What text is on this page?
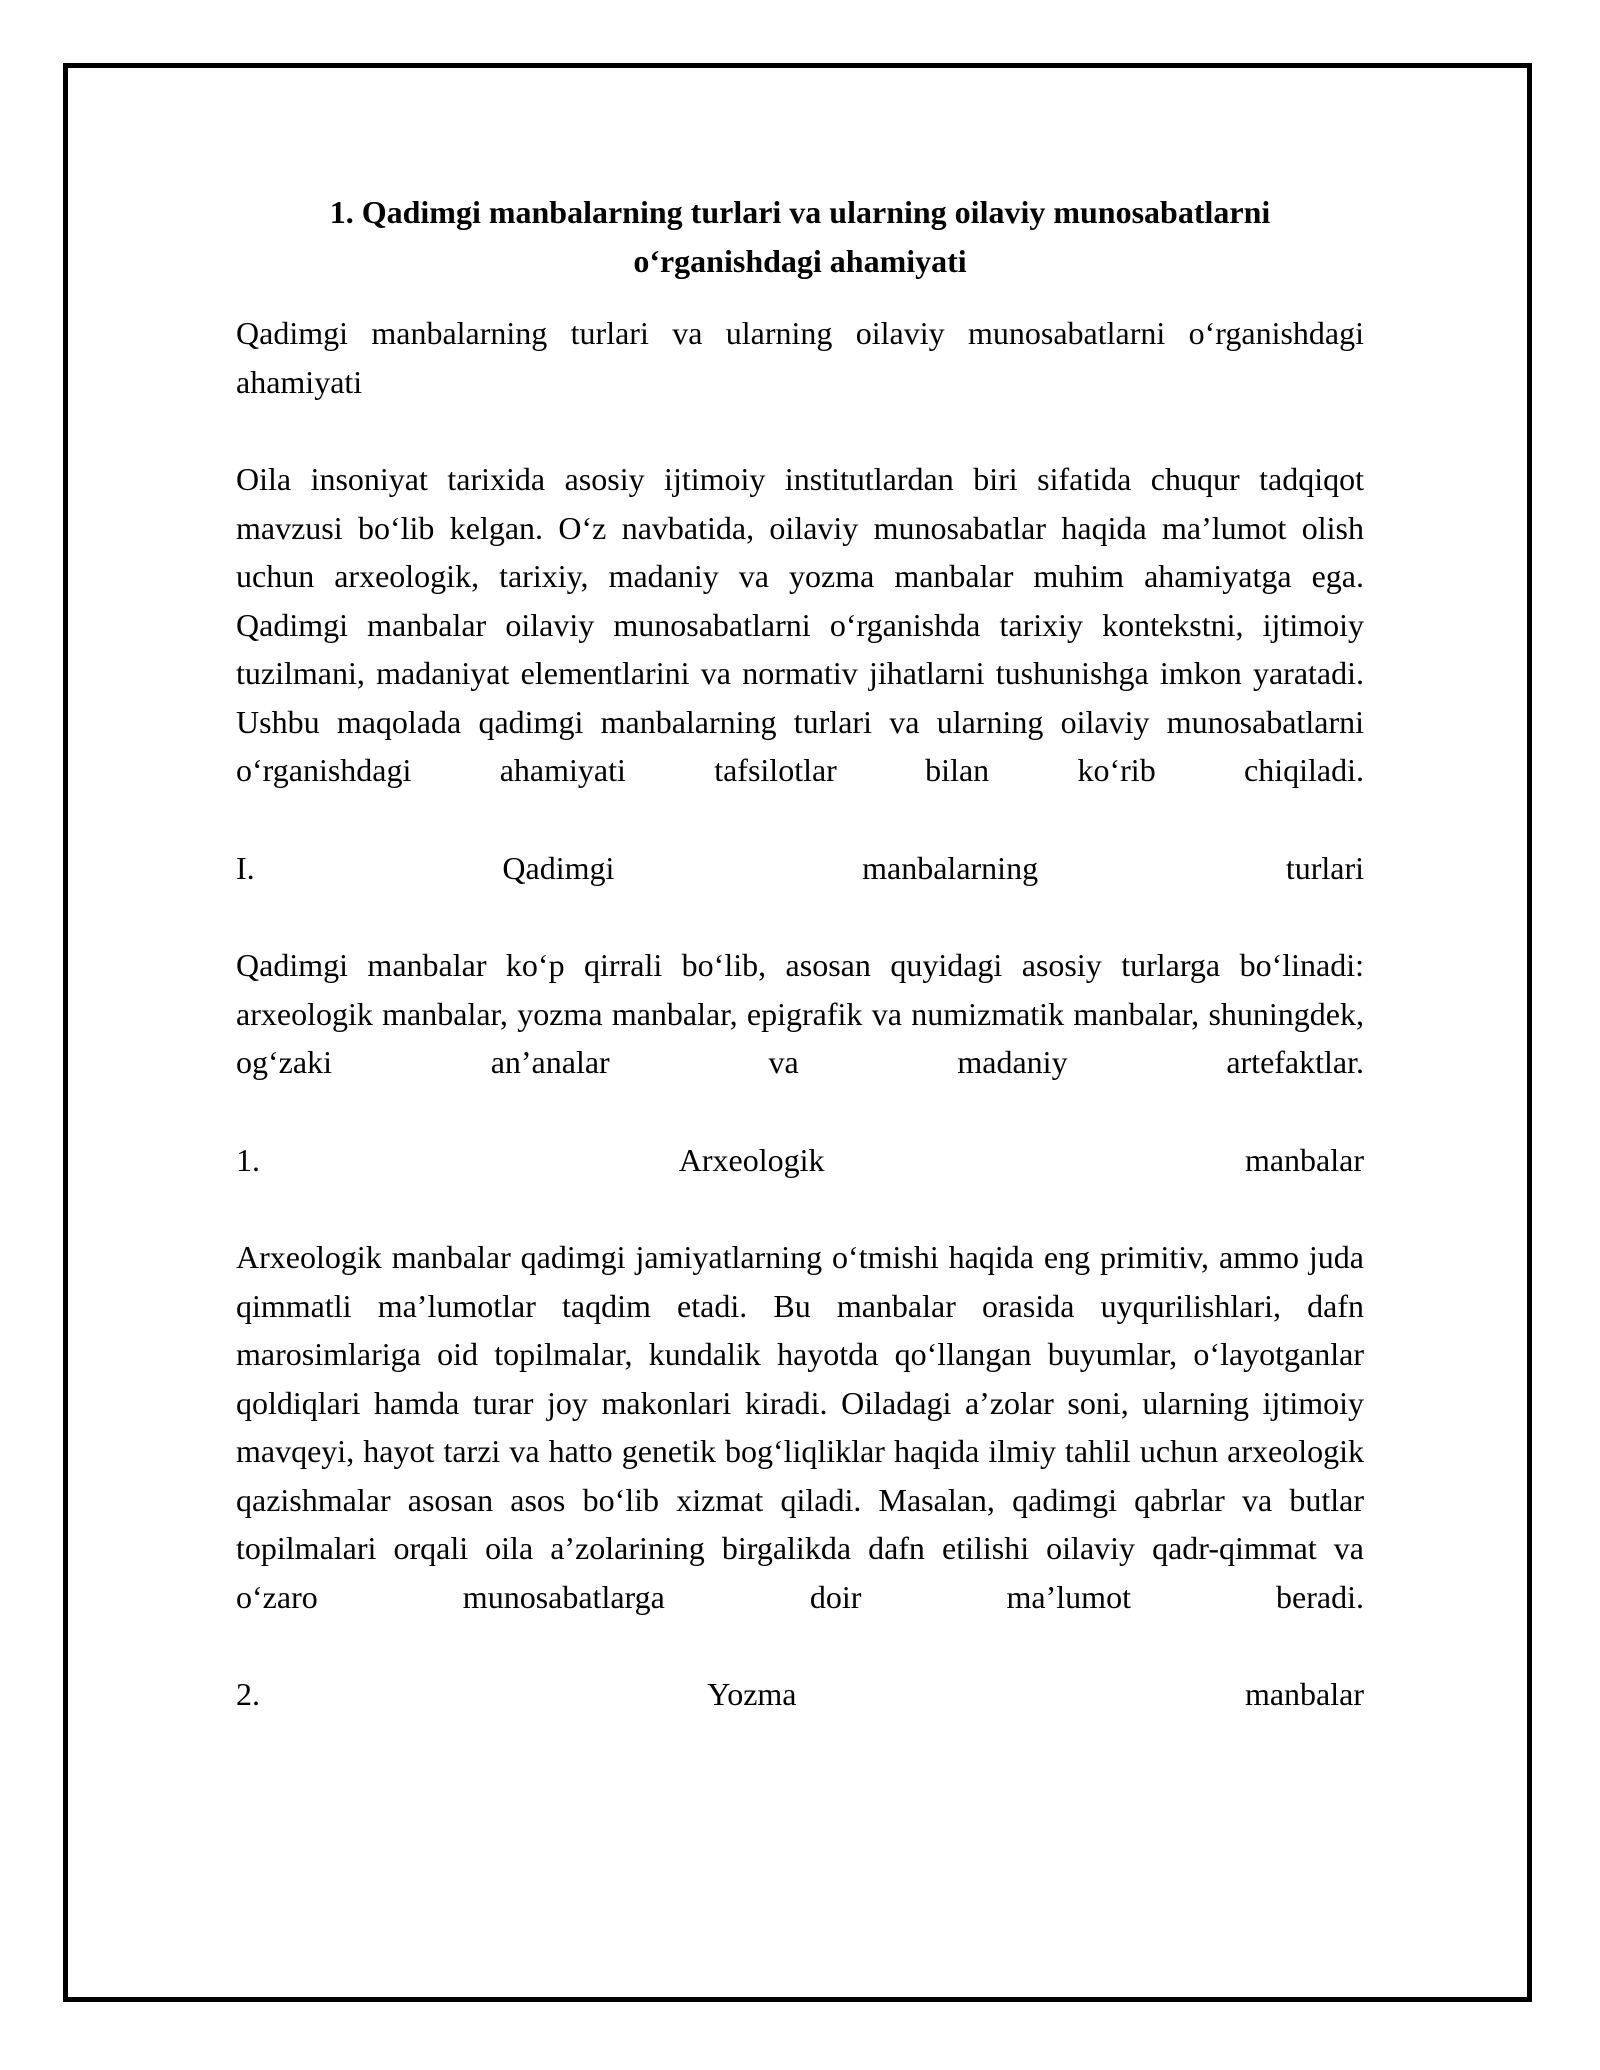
1. Qadimgi manbalarning turlari va ularning oilaviy munosabatlarni
o‘rganishdagi ahamiyati

Qadimgi manbalarning turlari va ularning oilaviy munosabatlarni o‘rganishdagi ahamiyati

Oila insoniyat tarixida asosiy ijtimoiy institutlardan biri sifatida chuqur tadqiqot mavzusi bo‘lib kelgan. O‘z navbatida, oilaviy munosabatlar haqida ma’lumot olish uchun arxeologik, tarixiy, madaniy va yozma manbalar muhim ahamiyatga ega. Qadimgi manbalar oilaviy munosabatlarni o‘rganishda tarixiy kontekstni, ijtimoiy tuzilmani, madaniyat elementlarini va normativ jihatlarni tushunishga imkon yaratadi. Ushbu maqolada qadimgi manbalarning turlari va ularning oilaviy munosabatlarni o‘rganishdagi ahamiyati tafsilotlar bilan ko‘rib chiqiladi.

I. Qadimgi manbalarning turlari

Qadimgi manbalar ko‘p qirrali bo‘lib, asosan quyidagi asosiy turlarga bo‘linadi: arxeologik manbalar, yozma manbalar, epigrafik va numizmatik manbalar, shuningdek, og‘zaki an’analar va madaniy artefaktlar.

1. Arxeologik manbalar

Arxeologik manbalar qadimgi jamiyatlarning o‘tmishi haqida eng primitiv, ammo juda qimmatli ma’lumotlar taqdim etadi. Bu manbalar orasida uyqurilishlari, dafn marosimlariga oid topilmalar, kundalik hayotda qo‘llangan buyumlar, o‘layotganlar qoldiqlari hamda turar joy makonlari kiradi. Oiladagi a’zolar soni, ularning ijtimoiy mavqeyi, hayot tarzi va hatto genetik bog‘liqliklar haqida ilmiy tahlil uchun arxeologik qazishmalar asosan asos bo‘lib xizmat qiladi. Masalan, qadimgi qabrlar va butlar topilmalari orqali oila a’zolarining birgalikda dafn etilishi oilaviy qadr-qimmat va o‘zaro munosabatlarga doir ma’lumot beradi.

2. Yozma manbalar
